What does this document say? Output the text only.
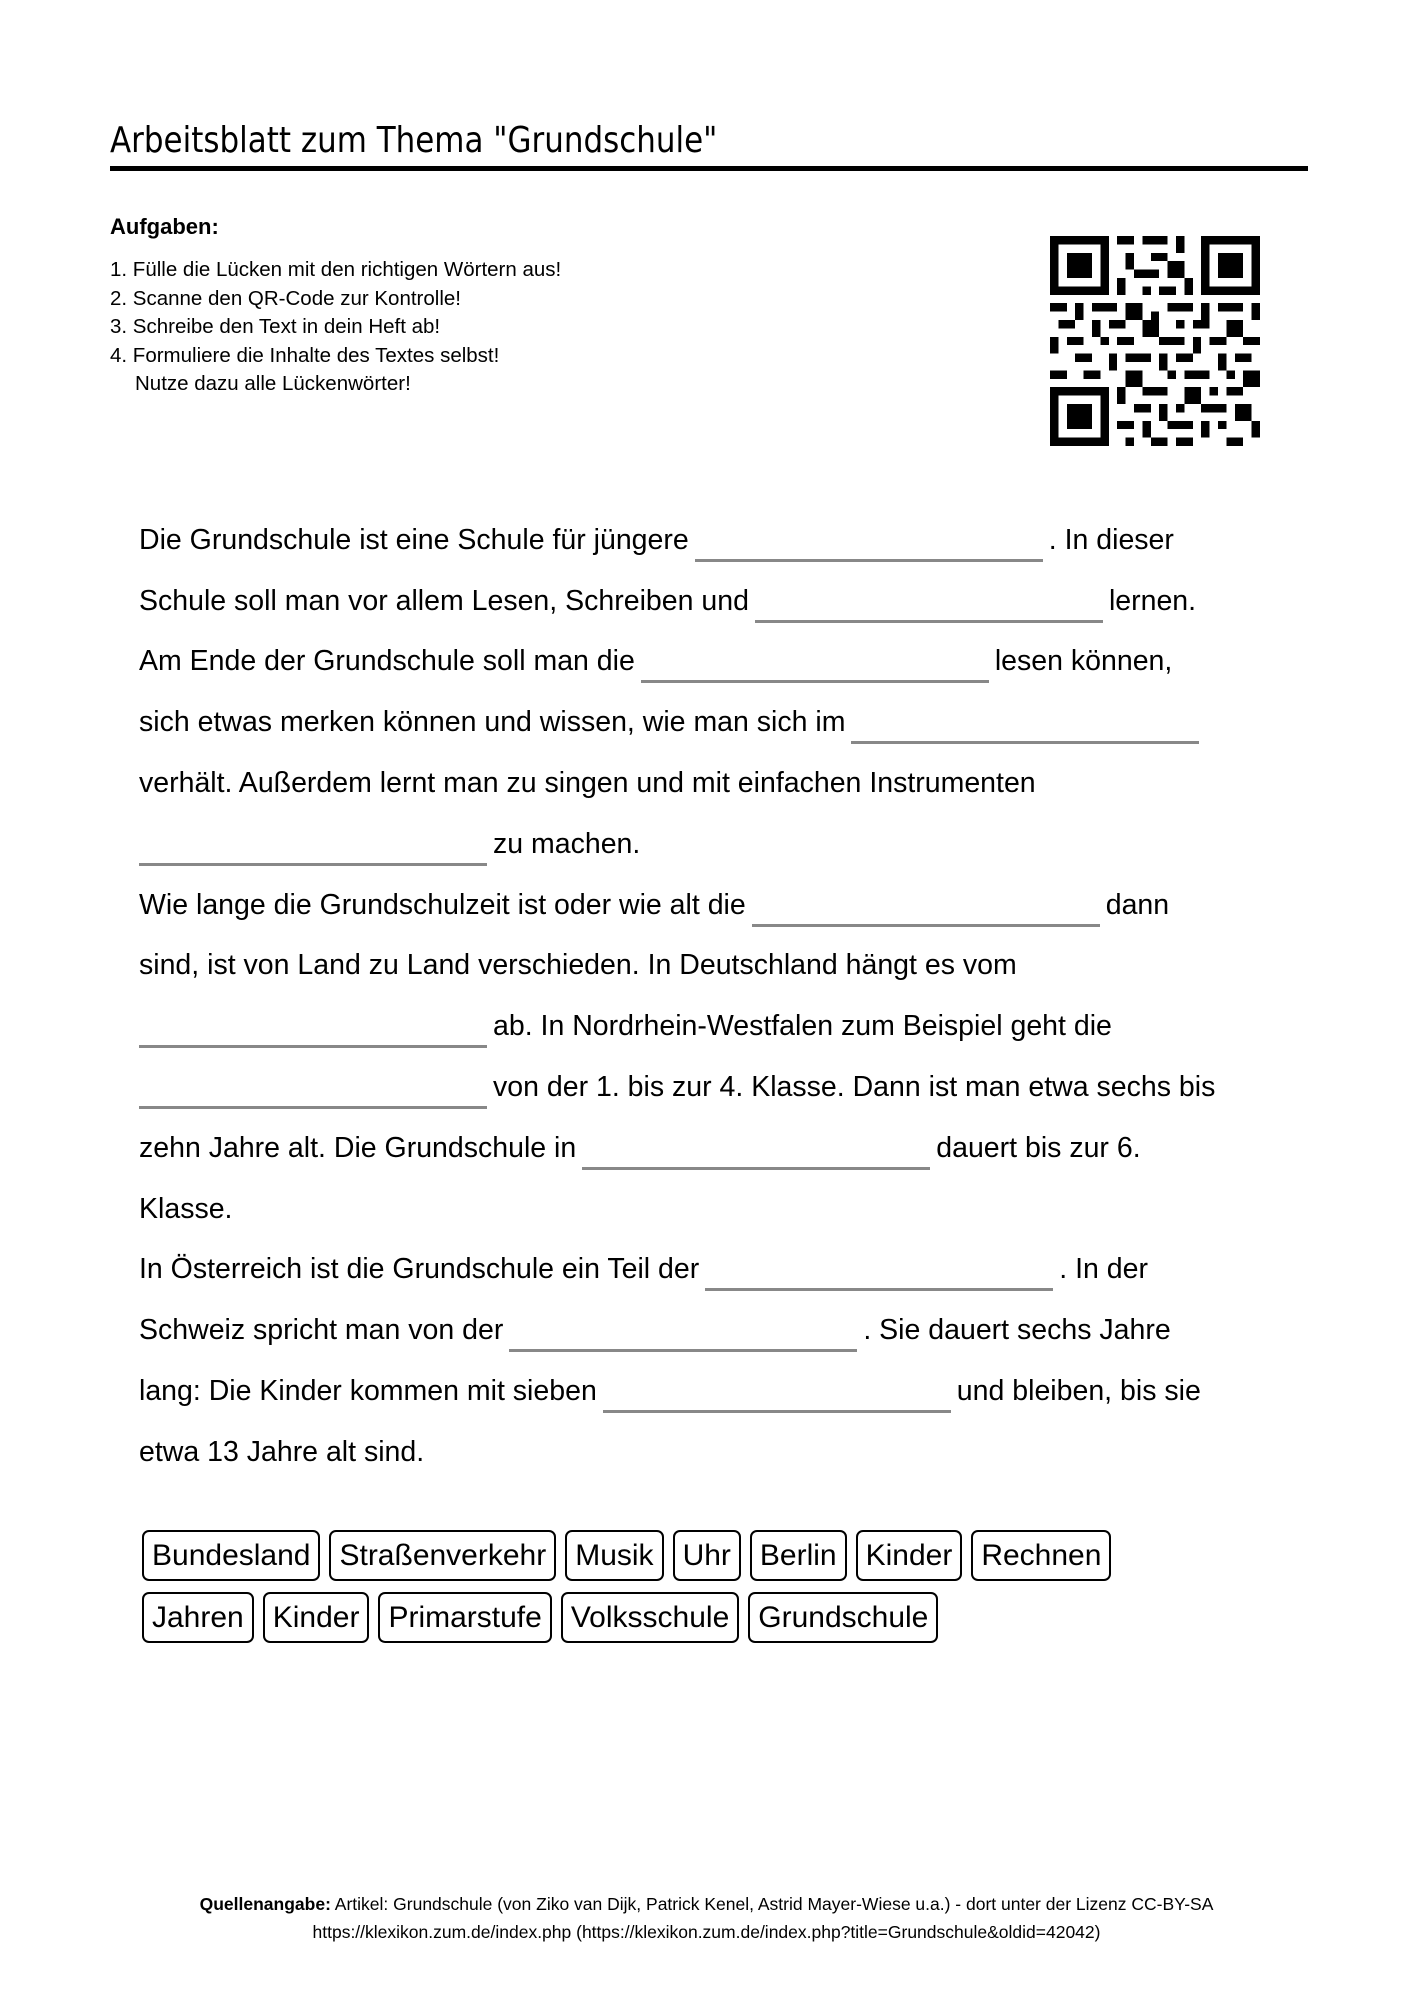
Arbeitsblatt zum Thema "Grundschule"
Aufgaben:
1. Fülle die Lücken mit den richtigen Wörtern aus!
2. Scanne den QR-Code zur Kontrolle!
3. Schreibe den Text in dein Heft ab!
4. Formuliere die Inhalte des Textes selbst!
Nutze dazu alle Lückenwörter!
Die Grundschule ist eine Schule für jüngere	. In dieser
Schule soll man vor allem Lesen, Schreiben und	lernen.
Am Ende der Grundschule soll man die	lesen können,
sich etwas merken können und wissen, wie man sich im
verhält. Außerdem lernt man zu singen und mit einfachen Instrumenten
zu machen.
Wie lange die Grundschulzeit ist oder wie alt die	dann
sind, ist von Land zu Land verschieden. In Deutschland hängt es vom
ab. In Nordrhein-Westfalen zum Beispiel geht die
von der 1. bis zur 4. Klasse. Dann ist man etwa sechs bis
zehn Jahre alt. Die Grundschule in	dauert bis zur 6.
Klasse.
In Österreich ist die Grundschule ein Teil der	. In der
Schweiz spricht man von der	. Sie dauert sechs Jahre
lang: Die Kinder kommen mit sieben	und bleiben, bis sie
etwa 13 Jahre alt sind.
Bundesland Straßenverkehr Musik Uhr Berlin Kinder Rechnen
Jahren Kinder Primarstufe Volksschule Grundschule
Quellenangabe: Artikel: Grundschule (von Ziko van Dijk, Patrick Kenel, Astrid Mayer-Wiese u.a.) - dort unter der Lizenz CC-BY-SA
https://klexikon.zum.de/index.php (https://klexikon.zum.de/index.php?title=Grundschule&oldid=42042)
